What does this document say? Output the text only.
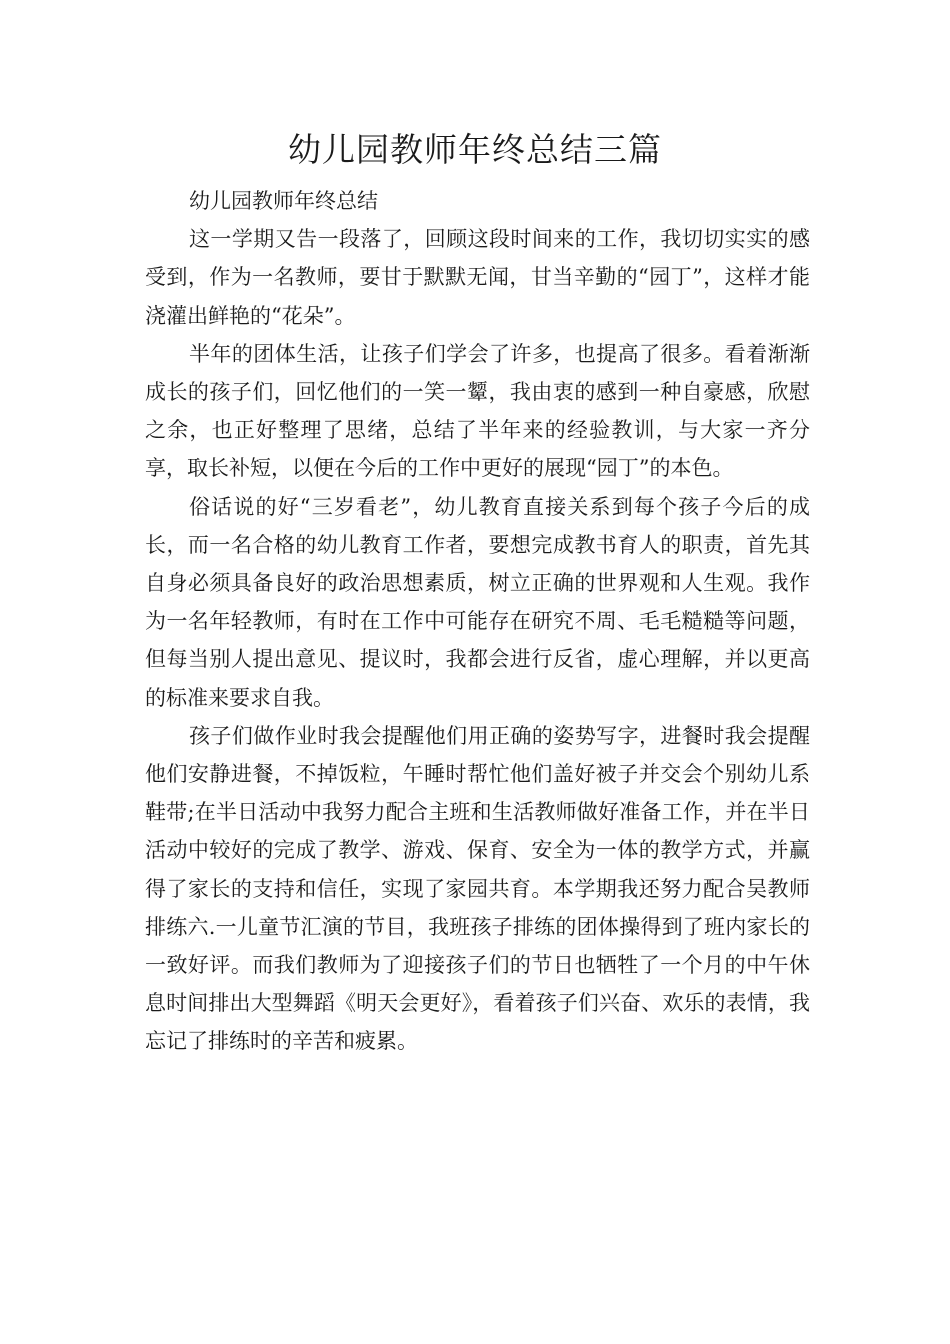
幼儿园教师年终总结三篇

幼儿园教师年终总结

这一学期又告一段落了，回顾这段时间来的工作，我切切实实的感受到，作为一名教师，要甘于默默无闻，甘当辛勤的“园丁”，这样才能浇灌出鲜艳的“花朵”。

半年的团体生活，让孩子们学会了许多，也提高了很多。看着渐渐成长的孩子们，回忆他们的一笑一颦，我由衷的感到一种自豪感，欣慰之余，也正好整理了思绪，总结了半年来的经验教训，与大家一齐分享，取长补短，以便在今后的工作中更好的展现“园丁”的本色。

俗话说的好“三岁看老”，幼儿教育直接关系到每个孩子今后的成长，而一名合格的幼儿教育工作者，要想完成教书育人的职责，首先其自身必须具备良好的政治思想素质，树立正确的世界观和人生观。我作为一名年轻教师，有时在工作中可能存在研究不周、毛毛糙糙等问题，但每当别人提出意见、提议时，我都会进行反省，虚心理解，并以更高的标准来要求自我。

孩子们做作业时我会提醒他们用正确的姿势写字，进餐时我会提醒他们安静进餐，不掉饭粒，午睡时帮忙他们盖好被子并交会个别幼儿系鞋带;在半日活动中我努力配合主班和生活教师做好准备工作，并在半日活动中较好的完成了教学、游戏、保育、安全为一体的教学方式，并赢得了家长的支持和信任，实现了家园共育。本学期我还努力配合吴教师排练六.一儿童节汇演的节目，我班孩子排练的团体操得到了班内家长的一致好评。而我们教师为了迎接孩子们的节日也牺牲了一个月的中午休息时间排出大型舞蹈《明天会更好》，看着孩子们兴奋、欢乐的表情，我忘记了排练时的辛苦和疲累。
